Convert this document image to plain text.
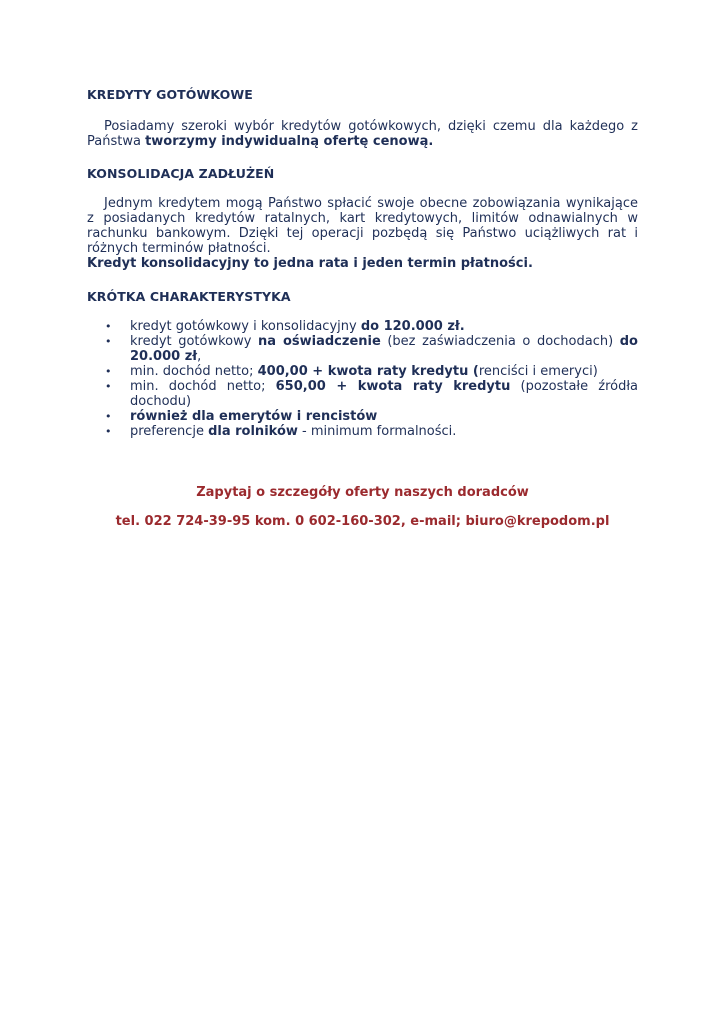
KREDYTY GOTÓWKOWE
Posiadamy szeroki wybór kredytów gotówkowych, dzięki czemu dla każdego z Państwa tworzymy indywidualną ofertę cenową.
KONSOLIDACJA ZADŁUŻEŃ
Jednym kredytem mogą Państwo spłacić swoje obecne zobowiązania wynikające z posiadanych kredytów ratalnych, kart kredytowych, limitów odnawialnych w rachunku bankowym. Dzięki tej operacji pozbędą się Państwo uciążliwych rat i różnych terminów płatności.
Kredyt konsolidacyjny to jedna rata i jeden termin płatności.
KRÓTKA CHARAKTERYSTYKA
• kredyt gotówkowy i konsolidacyjny do 120.000 zł.
• kredyt gotówkowy na oświadczenie (bez zaświadczenia o dochodach) do 20.000 zł,
• min. dochód netto; 400,00 + kwota raty kredytu (renciści i emeryci)
• min. dochód netto; 650,00 + kwota raty kredytu (pozostałe źródła dochodu)
• również dla emerytów i rencistów
• preferencje dla rolników - minimum formalności.
Zapytaj o szczegóły oferty naszych doradców
tel. 022 724-39-95 kom. 0 602-160-302, e-mail; biuro@krepodom.pl
